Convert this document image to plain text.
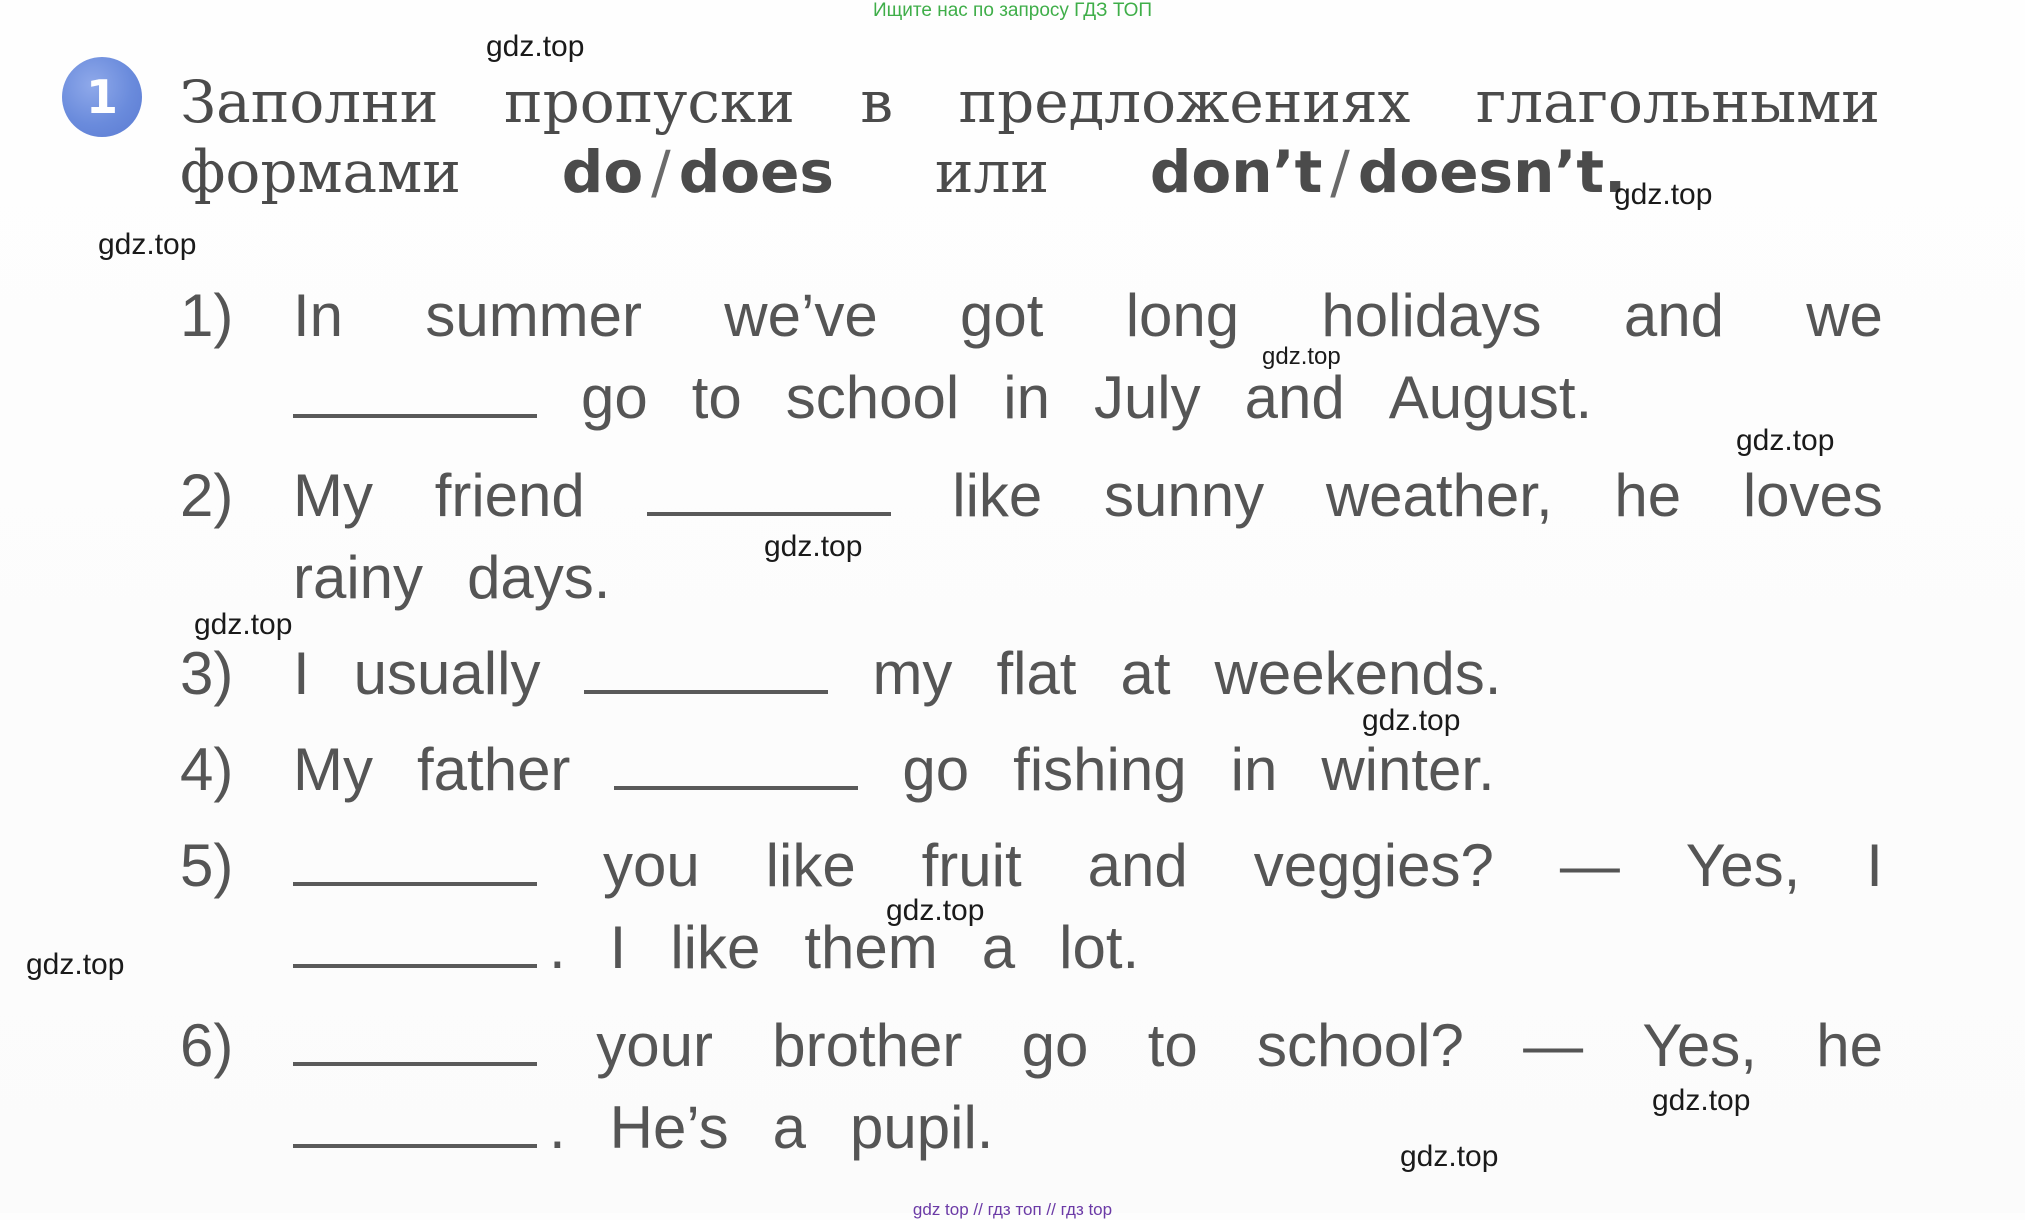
Ищите нас по запросу ГДЗ ТОП
1	Заполни пропуски в предложениях глагольными
формами do / does или don’t / doesn’t.
1) In summer we’ve got long holidays and we
go to school in July and August.
2) My friend	like sunny weather, he loves
rainy days.
3) I usually	my flat at weekends.
4) My father	go fishing in winter.
5)	you like fruit and veggies? — Yes, I
. I like them a lot.
6)	your brother go to school? — Yes, he
. He’s a pupil.
gdz.top
gdz.top
gdz.top
gdz.top
gdz.top
gdz.top
gdz.top
gdz.top
gdz.top
gdz.top
gdz.top
gdz.top
gdz top // гдз топ // гдз top
